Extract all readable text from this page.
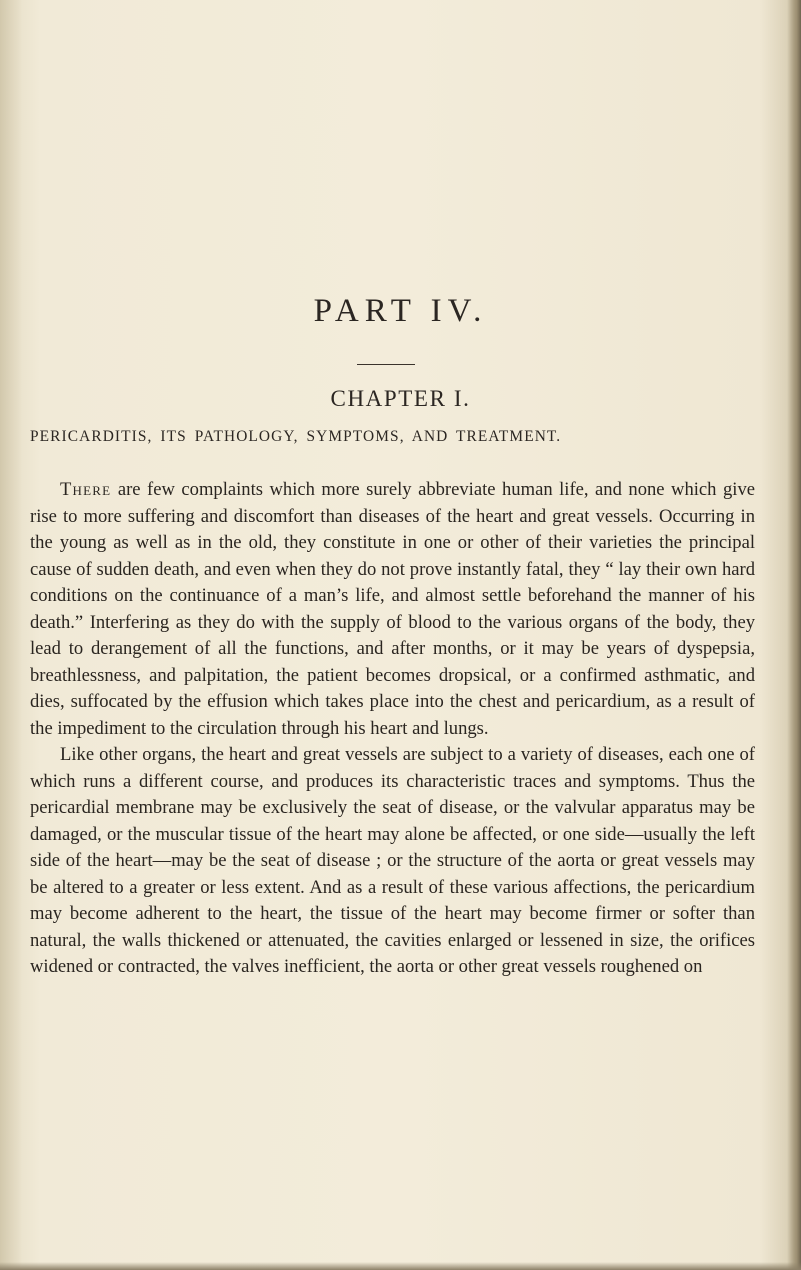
PART IV.
CHAPTER I.
PERICARDITIS, ITS PATHOLOGY, SYMPTOMS, AND TREATMENT.

There are few complaints which more surely abbreviate human life, and none which give rise to more suffering and discomfort than diseases of the heart and great vessels. Occurring in the young as well as in the old, they constitute in one or other of their varieties the principal cause of sudden death, and even when they do not prove instantly fatal, they “ lay their own hard conditions on the continuance of a man’s life, and almost settle beforehand the manner of his death.” Interfering as they do with the supply of blood to the various organs of the body, they lead to derangement of all the functions, and after months, or it may be years of dyspepsia, breathlessness, and palpitation, the patient becomes dropsical, or a confirmed asthmatic, and dies, suffocated by the effusion which takes place into the chest and pericardium, as a result of the impediment to the circulation through his heart and lungs.

Like other organs, the heart and great vessels are subject to a variety of diseases, each one of which runs a different course, and produces its characteristic traces and symptoms. Thus the pericardial membrane may be exclusively the seat of disease, or the valvular apparatus may be damaged, or the muscular tissue of the heart may alone be affected, or one side—usually the left side of the heart—may be the seat of disease ; or the structure of the aorta or great vessels may be altered to a greater or less extent. And as a result of these various affections, the pericardium may become adherent to the heart, the tissue of the heart may become firmer or softer than natural, the walls thickened or attenuated, the cavities enlarged or lessened in size, the orifices widened or contracted, the valves inefficient, the aorta or other great vessels roughened on
